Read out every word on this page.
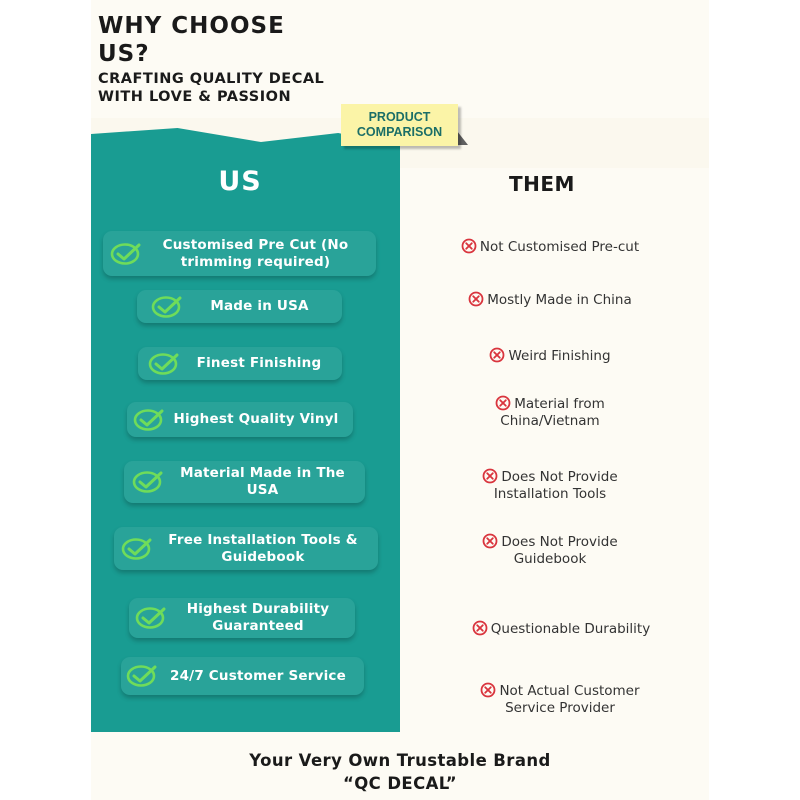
WHY CHOOSE
US?

CRAFTING QUALITY DECAL
WITH LOVE & PASSION

PRODUCT
COMPARISON
US	THEM
Customised Pre Cut (No
trimming required)
Made in USA
Finest Finishing
Highest Quality Vinyl
Material Made in The
USA
Free Installation Tools &
Guidebook
Highest Durability
Guaranteed
24/7 Customer Service
Not Customised Pre-cut
Mostly Made in China
Weird Finishing
Material from
China/Vietnam
Does Not Provide
Installation Tools
Does Not Provide
Guidebook
Questionable Durability
Not Actual Customer
Service Provider

Your Very Own Trustable Brand

“QC DECAL”
